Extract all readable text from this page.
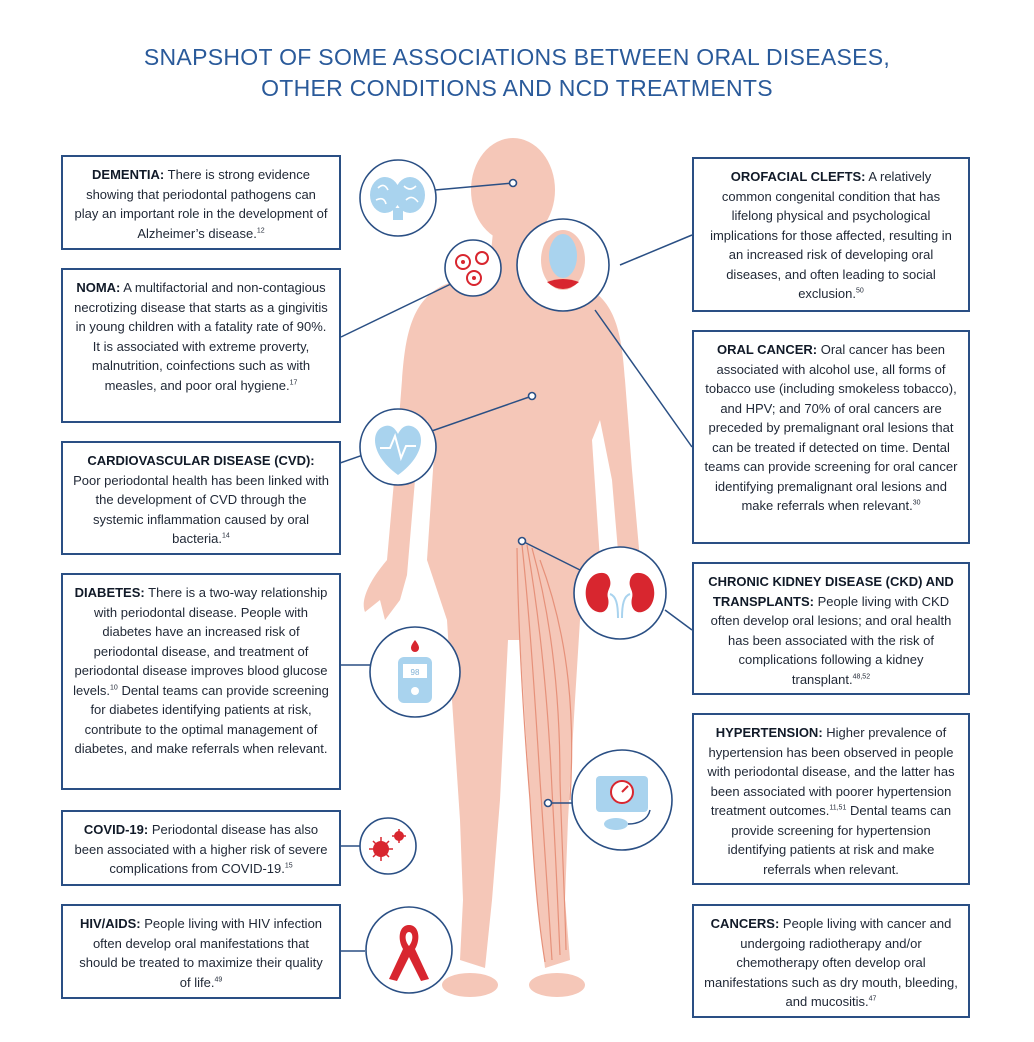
SNAPSHOT OF SOME ASSOCIATIONS BETWEEN ORAL DISEASES,
OTHER CONDITIONS AND NCD TREATMENTS
98
DEMENTIA: There is strong evidence showing that periodontal pathogens can play an important role in the development of Alzheimer’s disease.$^{12}$
NOMA: A multifactorial and non-contagious necrotizing disease that starts as a gingivitis in young children with a fatality rate of 90%. It is associated with extreme proverty, malnutrition, coinfections such as with measles, and poor oral hygiene.$^{17}$
CARDIOVASCULAR DISEASE (CVD): Poor periodontal health has been linked with the development of CVD through the systemic inflammation caused by oral bacteria.$^{14}$
DIABETES: There is a two-way relationship with periodontal disease. People with diabetes have an increased risk of periodontal disease, and treatment of periodontal disease improves blood glucose levels.$^{10}$ Dental teams can provide screening for diabetes identifying patients at risk, contribute to the optimal management of diabetes, and make referrals when relevant.
COVID-19: Periodontal disease has also been associated with a higher risk of severe complications from COVID-19.15
HIV/AIDS: People living with HIV infection often develop oral manifestations that should be treated to maximize their quality of life.$^{49}$
OROFACIAL CLEFTS: A relatively common congenital condition that has lifelong physical and psychological implications for those affected, resulting in an increased risk of developing oral diseases, and often leading to social exclusion.$^{50}$
ORAL CANCER: Oral cancer has been associated with alcohol use, all forms of tobacco use (including smokeless tobacco), and HPV; and 70% of oral cancers are preceded by premalignant oral lesions that can be treated if detected on time. Dental teams can provide screening for oral cancer identifying premalignant oral lesions and make referrals when relevant.$^{30}$
CHRONIC KIDNEY DISEASE (CKD) AND TRANSPLANTS: People living with CKD often develop oral lesions; and oral health has been associated with the risk of complications following a kidney transplant.$^{48,52}$
HYPERTENSION: Higher prevalence of hypertension has been observed in people with periodontal disease, and the latter has been associated with poorer hypertension treatment outcomes.$^{11,51}$ Dental teams can provide screening for hypertension identifying patients at risk and make referrals when relevant.
CANCERS: People living with cancer and undergoing radiotherapy and/or chemotherapy often develop oral manifestations such as dry mouth, bleeding, and mucositis.$^{47}$
